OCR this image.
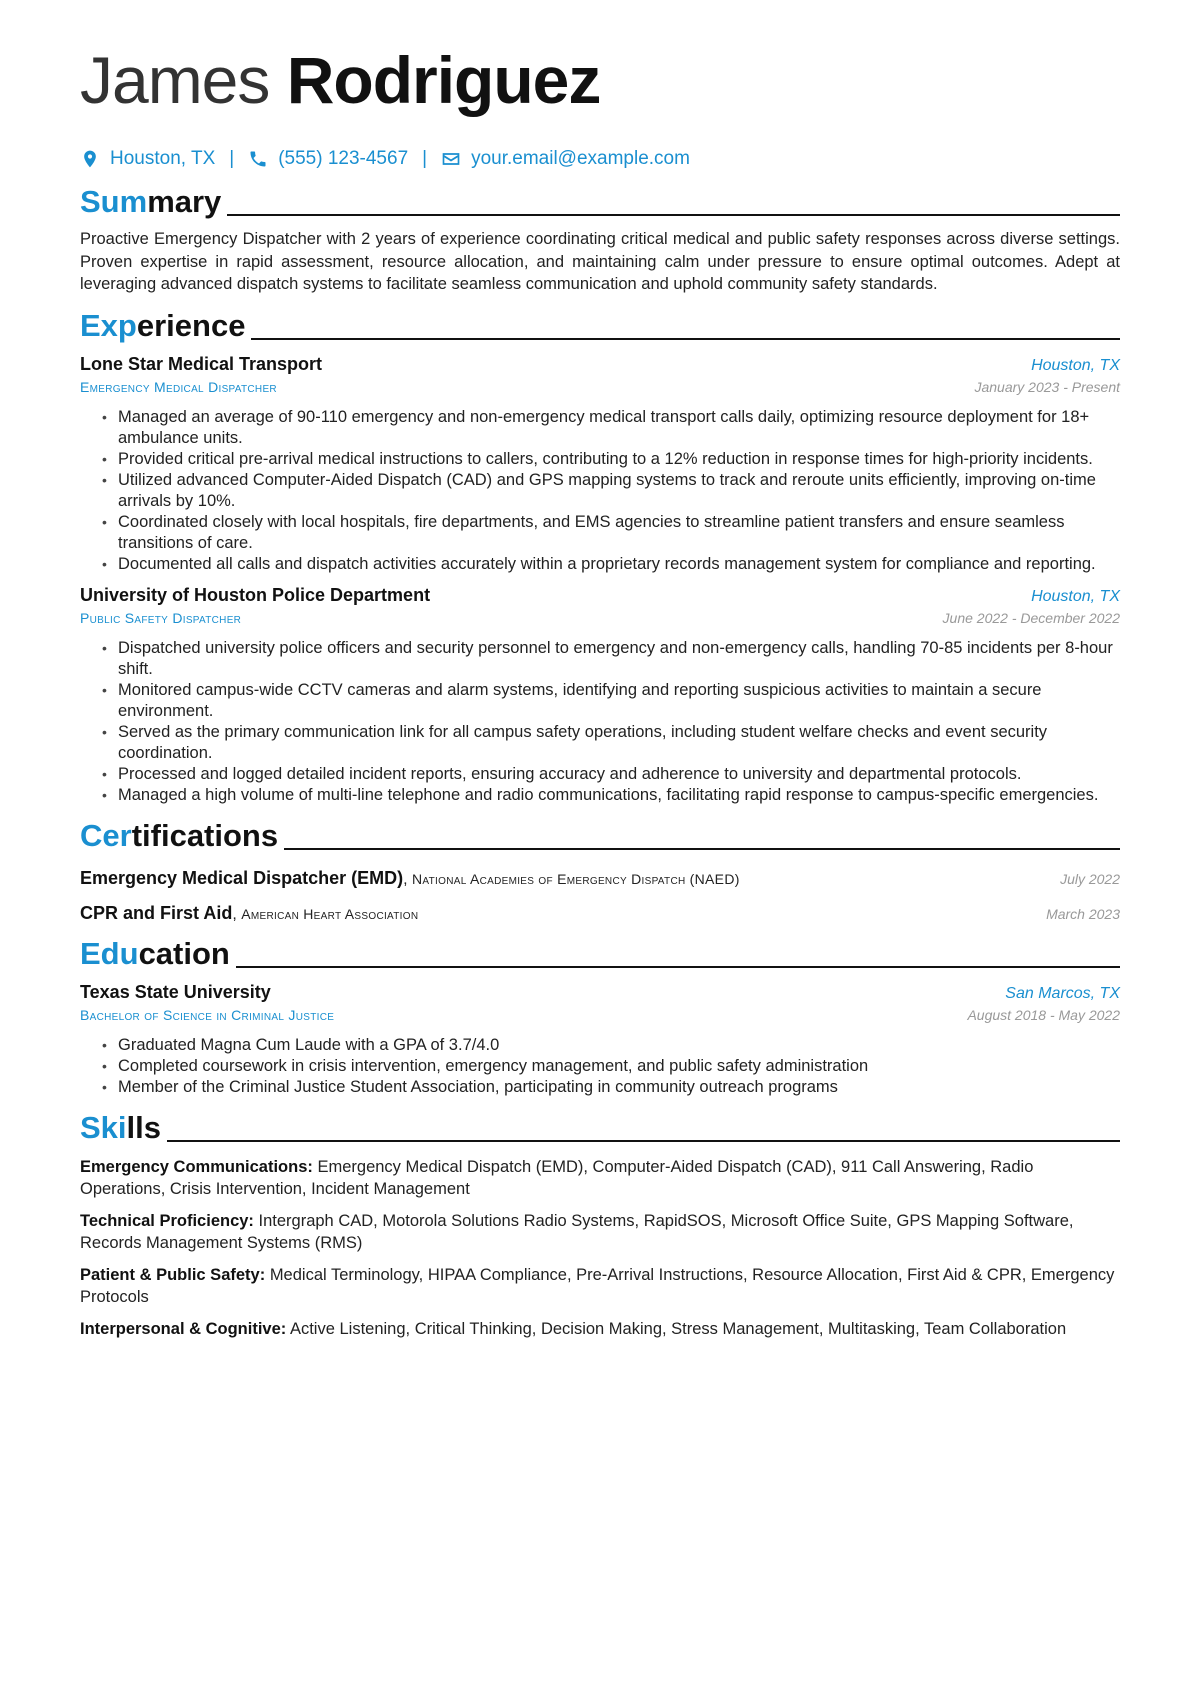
James Rodriguez
Houston, TX | (555) 123-4567 | your.email@example.com
Summary

Proactive Emergency Dispatcher with 2 years of experience coordinating critical medical and public safety responses across diverse settings. Proven expertise in rapid assessment, resource allocation, and maintaining calm under pressure to ensure optimal outcomes. Adept at leveraging advanced dispatch systems to facilitate seamless communication and uphold community safety standards.

Experience
Lone Star Medical Transport	Houston, TX
Emergency Medical Dispatcher	January 2023 - Present
• Managed an average of 90-110 emergency and non-emergency medical transport calls daily, optimizing resource deployment for 18+ ambulance units.
• Provided critical pre-arrival medical instructions to callers, contributing to a 12% reduction in response times for high-priority incidents.
• Utilized advanced Computer-Aided Dispatch (CAD) and GPS mapping systems to track and reroute units efficiently, improving on-time arrivals by 10%.
• Coordinated closely with local hospitals, fire departments, and EMS agencies to streamline patient transfers and ensure seamless transitions of care.
• Documented all calls and dispatch activities accurately within a proprietary records management system for compliance and reporting.
University of Houston Police Department	Houston, TX
Public Safety Dispatcher	June 2022 - December 2022
• Dispatched university police officers and security personnel to emergency and non-emergency calls, handling 70-85 incidents per 8-hour shift.
• Monitored campus-wide CCTV cameras and alarm systems, identifying and reporting suspicious activities to maintain a secure environment.
• Served as the primary communication link for all campus safety operations, including student welfare checks and event security coordination.
• Processed and logged detailed incident reports, ensuring accuracy and adherence to university and departmental protocols.
• Managed a high volume of multi-line telephone and radio communications, facilitating rapid response to campus-specific emergencies.
Certifications
Emergency Medical Dispatcher (EMD), National Academies of Emergency Dispatch (NAED)	July 2022
CPR and First Aid, American Heart Association	March 2023
Education
Texas State University	San Marcos, TX
Bachelor of Science in Criminal Justice	August 2018 - May 2022
• Graduated Magna Cum Laude with a GPA of 3.7/4.0
• Completed coursework in crisis intervention, emergency management, and public safety administration
• Member of the Criminal Justice Student Association, participating in community outreach programs
Skills
Emergency Communications: Emergency Medical Dispatch (EMD), Computer-Aided Dispatch (CAD), 911 Call Answering, Radio Operations, Crisis Intervention, Incident Management
Technical Proficiency: Intergraph CAD, Motorola Solutions Radio Systems, RapidSOS, Microsoft Office Suite, GPS Mapping Software, Records Management Systems (RMS)
Patient & Public Safety: Medical Terminology, HIPAA Compliance, Pre-Arrival Instructions, Resource Allocation, First Aid & CPR, Emergency Protocols
Interpersonal & Cognitive: Active Listening, Critical Thinking, Decision Making, Stress Management, Multitasking, Team Collaboration
